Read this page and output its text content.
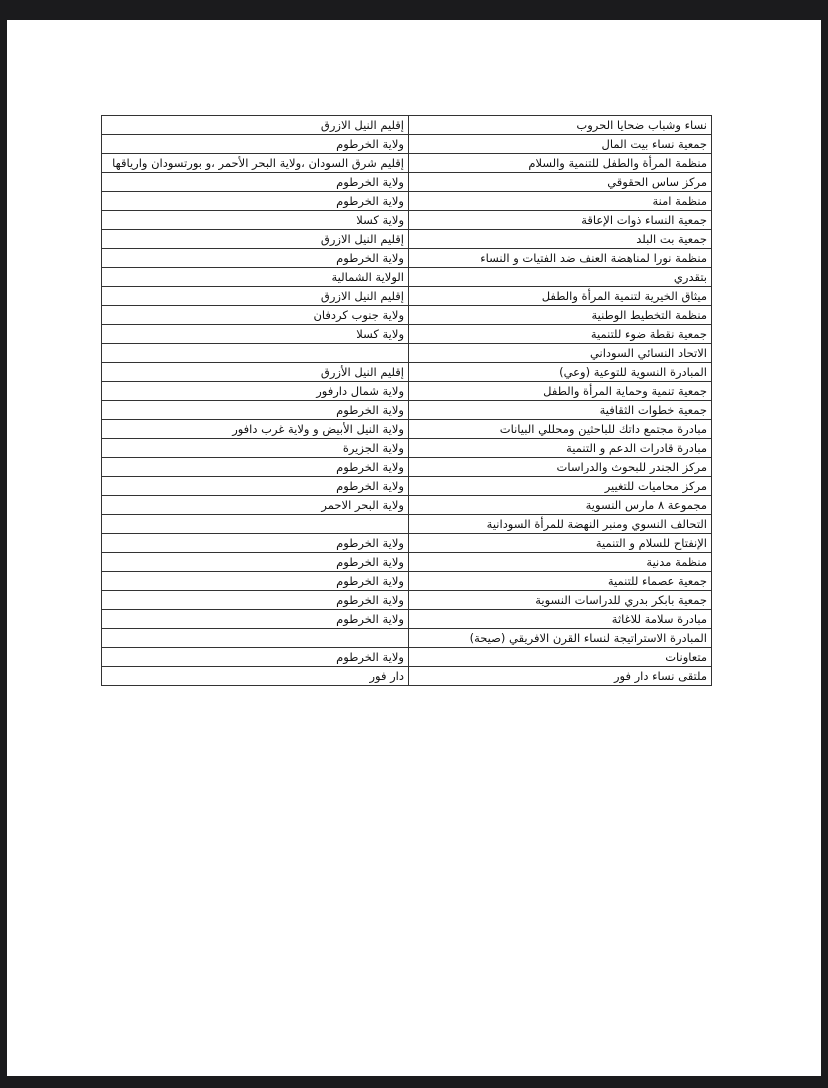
نساء وشباب ضحايا الحروب	إقليم النيل الازرق
جمعية نساء بيت المال	ولاية الخرطوم
منظمة المرأة والطفل للتنمية والسلام	إقليم شرق السودان ،ولاية البحر الأحمر ،و بورتسودان وارياقها
مركز ساس الحقوقي	ولاية الخرطوم
منظمة امنة	ولاية الخرطوم
جمعية النساء ذوات الإعاقة	ولاية كسلا
جمعية بت البلد	إقليم النيل الازرق
منظمة نورا لمناهضة العنف ضد الفتيات و النساء	ولاية الخرطوم
بتقدري	الولاية الشمالية
ميثاق الخيرية لتنمية المرأة والطفل	إقليم النيل الازرق
منظمة التخطيط الوطنية	ولاية جنوب كردفان
جمعية نقطة ضوء للتنمية	ولاية كسلا
الاتحاد النسائي السوداني	
المبادرة النسوية للتوعية (وعي)	إقليم النيل الأزرق
جمعية تنمية وحماية المرأة والطفل	ولاية شمال دارفور
جمعية خطوات الثقافية	ولاية الخرطوم
مبادرة مجتمع داتك للباحثين ومحللي البيانات	ولاية النيل الأبيض و ولاية غرب دافور
مبادرة قادرات الدعم و التنمية	ولاية الجزيرة
مركز الجندر للبحوث والدراسات	ولاية الخرطوم
مركز محاميات للتغيير	ولاية الخرطوم
مجموعة ٨ مارس النسوية	ولاية البحر الاحمر
التحالف النسوي ومنبر النهضة للمرأة السودانية	
الإنفتاح للسلام و التنمية	ولاية الخرطوم
منظمة مدنية	ولاية الخرطوم
جمعية عصماء للتنمية	ولاية الخرطوم
جمعية بابكر بدري للدراسات النسوية	ولاية الخرطوم
مبادرة سلامة للاغاثة	ولاية الخرطوم
المبادرة الاستراتيجة لنساء القرن الافريقي (صيحة)	
متعاونات	ولاية الخرطوم
ملتقى نساء دار فور	دار فور
